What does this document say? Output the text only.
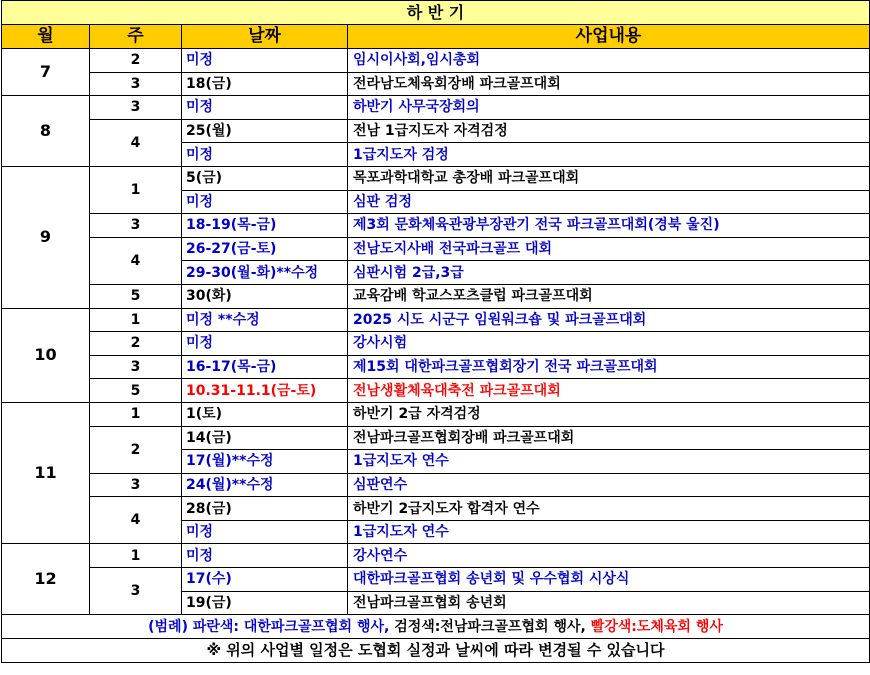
하 반 기			
월	주	날짜	사업내용
7	2	미정	임시이사회,임시총회
	3	18(금)	전라남도체육회장배 파크골프대회
8	3	미정	하반기 사무국장회의
	4	25(월)	전남 1급지도자 자격검정
		미정	1급지도자 검정
9	1	5(금)	목포과학대학교 총장배 파크골프대회
		미정	심판 검정
	3	18-19(목-금)	제3회 문화체육관광부장관기 전국 파크골프대회(경북 울진)
	4	26-27(금-토)	전남도지사배 전국파크골프 대회
		29-30(월-화)**수정	심판시험 2급,3급
	5	30(화)	교육감배 학교스포츠클럽 파크골프대회
10	1	미정 **수정	2025 시도 시군구 임원워크숍 및 파크골프대회
	2	미정	강사시험
	3	16-17(목-금)	제15회 대한파크골프협회장기 전국 파크골프대회
	5	10.31-11.1(금-토)	전남생활체육대축전 파크골프대회
11	1	1(토)	하반기 2급 자격검정
	2	14(금)	전남파크골프협회장배 파크골프대회
		17(월)**수정	1급지도자 연수
	3	24(월)**수정	심판연수
	4	28(금)	하반기 2급지도자 합격자 연수
		미정	1급지도자 연수
12	1	미정	강사연수
	3	17(수)	대한파크골프협회 송년회 및 우수협회 시상식
		19(금)	전남파크골프협회 송년회
(범례) 파란색: 대한파크골프협회 행사, 검정색:전남파크골프협회 행사, 빨강색:도체육회 행사			
※ 위의 사업별 일정은 도협회 실정과 날씨에 따라 변경될 수 있습니다			
